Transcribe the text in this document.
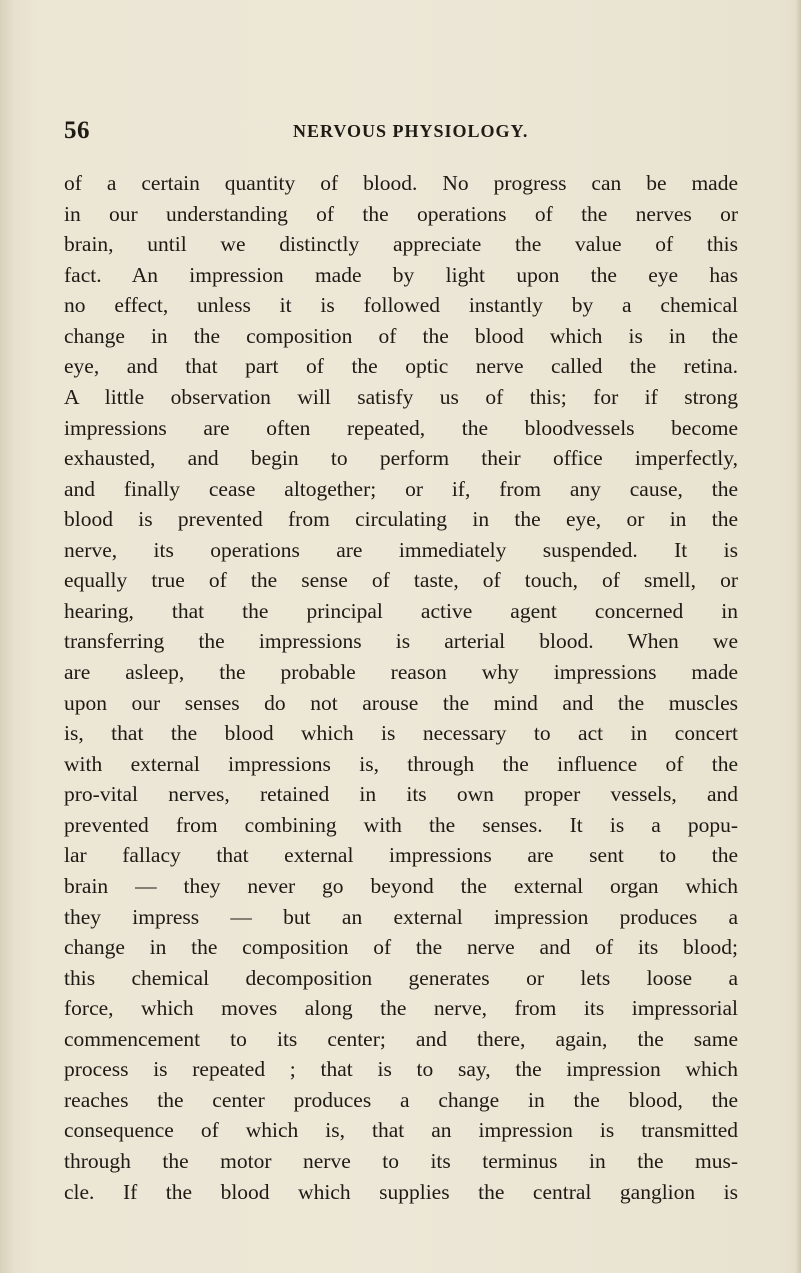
56	NERVOUS PHYSIOLOGY.
of a certain quantity of blood. No progress can be made
in our understanding of the operations of the nerves or
brain, until we distinctly appreciate the value of this
fact. An impression made by light upon the eye has
no effect, unless it is followed instantly by a chemical
change in the composition of the blood which is in the
eye, and that part of the optic nerve called the retina.
A little observation will satisfy us of this; for if strong
impressions are often repeated, the bloodvessels become
exhausted, and begin to perform their office imperfectly,
and finally cease altogether; or if, from any cause, the
blood is prevented from circulating in the eye, or in the
nerve, its operations are immediately suspended. It is
equally true of the sense of taste, of touch, of smell, or
hearing, that the principal active agent concerned in
transferring the impressions is arterial blood. When we
are asleep, the probable reason why impressions made
upon our senses do not arouse the mind and the muscles
is, that the blood which is necessary to act in concert
with external impressions is, through the influence of the
pro-vital nerves, retained in its own proper vessels, and
prevented from combining with the senses. It is a popu-
lar fallacy that external impressions are sent to the
brain — they never go beyond the external organ which
they impress — but an external impression produces a
change in the composition of the nerve and of its blood;
this chemical decomposition generates or lets loose a
force, which moves along the nerve, from its impressorial
commencement to its center; and there, again, the same
process is repeated ; that is to say, the impression which
reaches the center produces a change in the blood, the
consequence of which is, that an impression is transmitted
through the motor nerve to its terminus in the mus-
cle. If the blood which supplies the central ganglion is
